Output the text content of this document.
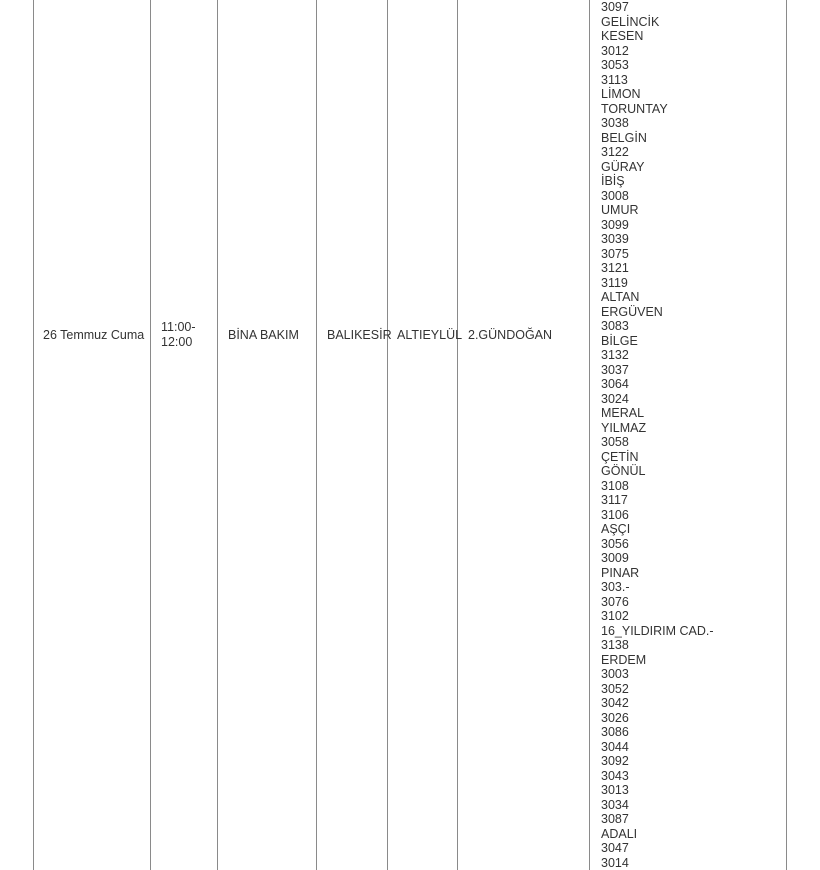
26 Temmuz Cuma
11:00-
12:00	BİNA BAKIM BALIKESİR ALTIEYLÜL 2.GÜNDOĞAN
3097
GELİNCİK
KESEN
3012
3053
3113
LİMON
TORUNTAY
3038
BELGİN
3122
GÜRAY
İBİŞ
3008
UMUR
3099
3039
3075
3121
3119
ALTAN
ERGÜVEN
3083
BİLGE
3132
3037
3064
3024
MERAL
YILMAZ
3058
ÇETİN
GÖNÜL
3108
3117
3106
AŞÇI
3056
3009
PINAR
303.-
3076
3102
16_YILDIRIM CAD.-
3138
ERDEM
3003
3052
3042
3026
3086
3044
3092
3043
3013
3034
3087
ADALI
3047
3014
